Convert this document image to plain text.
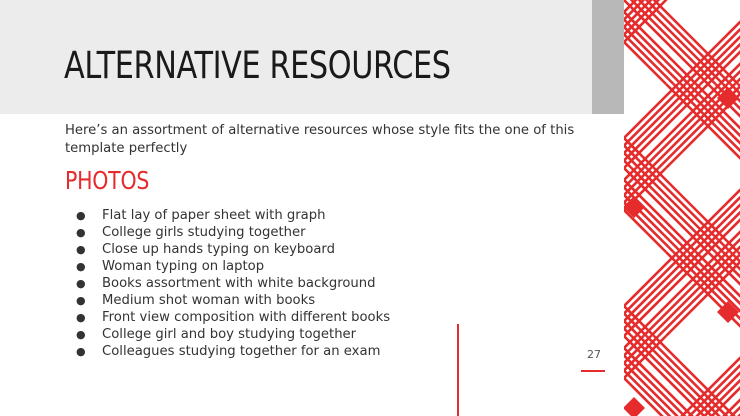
ALTERNATIVE RESOURCES

Here’s an assortment of alternative resources whose style fits the one of this template perfectly

PHOTOS
● Flat lay of paper sheet with graph
● College girls studying together
● Close up hands typing on keyboard
● Woman typing on laptop
● Books assortment with white background
● Medium shot woman with books
● Front view composition with different books
● College girl and boy studying together
● Colleagues studying together for an exam	27
